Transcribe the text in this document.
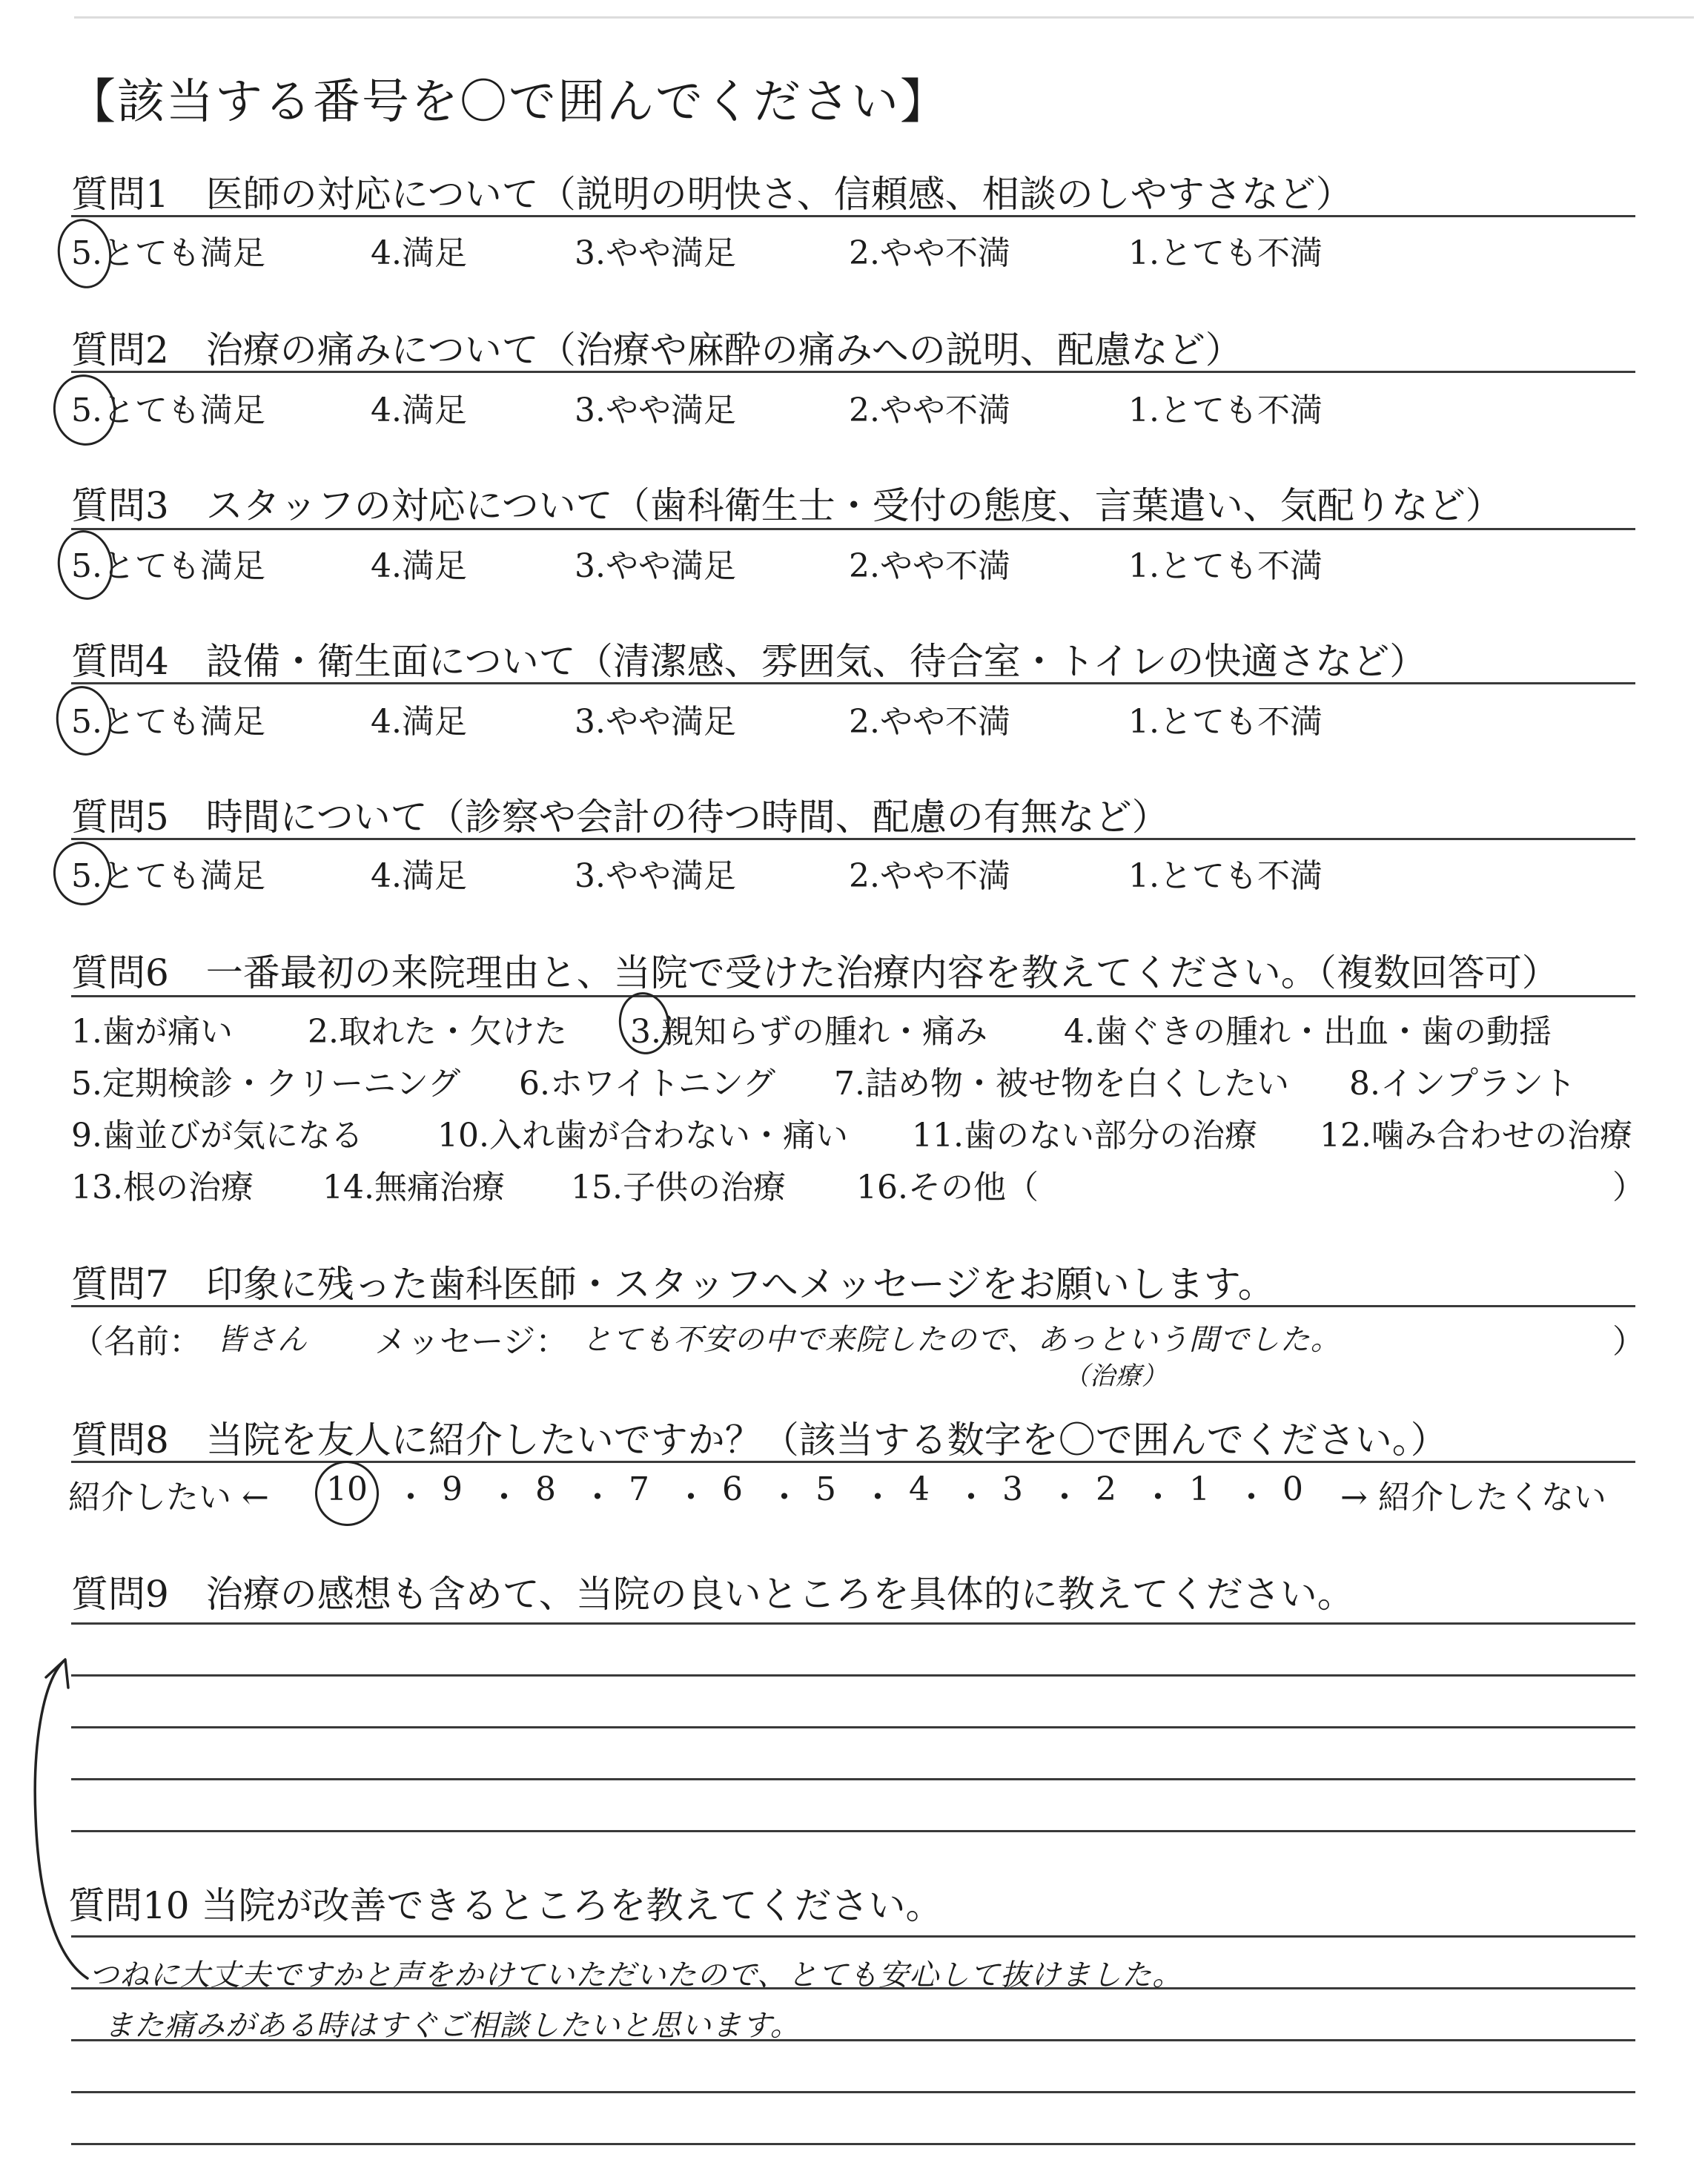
【該当する番号を〇で囲んでください】
質問1　医師の対応について（説明の明快さ、信頼感、相談のしやすさなど）
5.とても満足	4.満足	3.やや満足	2.やや不満	1.とても不満
質問2　治療の痛みについて（治療や麻酔の痛みへの説明、配慮など）
5.とても満足	4.満足	3.やや満足	2.やや不満	1.とても不満
質問3　スタッフの対応について（歯科衛生士・受付の態度、言葉遣い、気配りなど）
5.とても満足	4.満足	3.やや満足	2.やや不満	1.とても不満
質問4　設備・衛生面について（清潔感、雰囲気、待合室・トイレの快適さなど）
5.とても満足	4.満足	3.やや満足	2.やや不満	1.とても不満
質問5　時間について（診察や会計の待つ時間、配慮の有無など）
5.とても満足	4.満足	3.やや満足	2.やや不満	1.とても不満
質問6　一番最初の来院理由と、当院で受けた治療内容を教えてください。（複数回答可）
1.歯が痛い 2.取れた・欠けた 3.親知らずの腫れ・痛み 4.歯ぐきの腫れ・出血・歯の動揺
5.定期検診・クリーニング 6.ホワイトニング 7.詰め物・被せ物を白くしたい 8.インプラント
9.歯並びが気になる 10.入れ歯が合わない・痛い 11.歯のない部分の治療 12.噛み合わせの治療
13.根の治療 14.無痛治療 15.子供の治療 16.その他（	）
質問7　印象に残った歯科医師・スタッフへメッセージをお願いします。
（名前： 皆さん メッセージ： とても不安の中で来院したので、あっという間でした。
（治療）
）
質問8　当院を友人に紹介したいですか？（該当する数字を〇で囲んでください。）
紹介したい ← 10 ・ 9 ・ 8 ・ 7 ・ 6 ・ 5 ・ 4 ・ 3 ・ 2 ・ 1 ・ 0 → 紹介したくない
質問9　治療の感想も含めて、当院の良いところを具体的に教えてください。
質問10 当院が改善できるところを教えてください。
つねに大丈夫ですかと声をかけていただいたので、とても安心して抜けました。
また痛みがある時はすぐご相談したいと思います。
